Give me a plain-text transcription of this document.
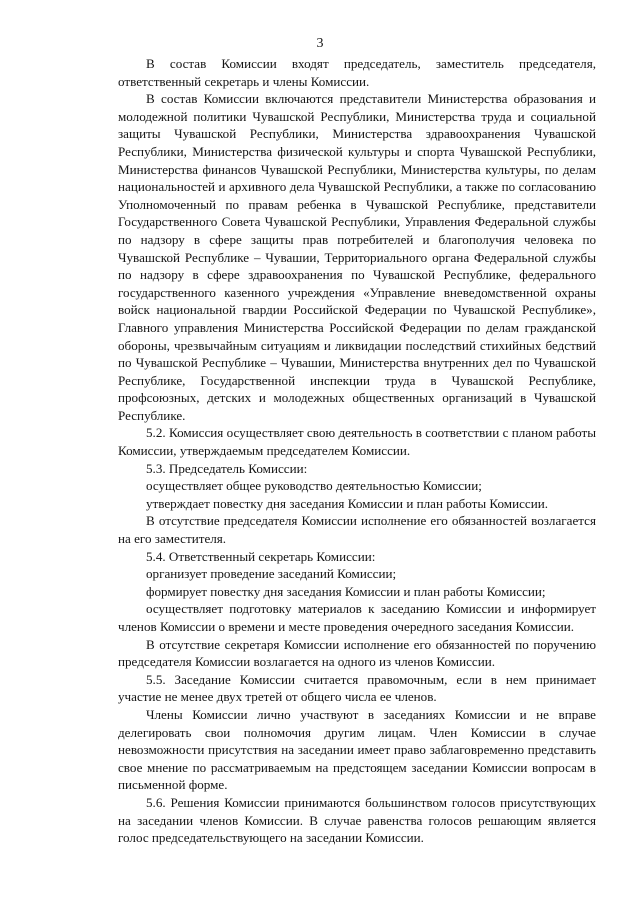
3

В состав Комиссии входят председатель, заместитель председателя, ответственный секретарь и члены Комиссии.

В состав Комиссии включаются представители Министерства образования и молодежной политики Чувашской Республики, Министерства труда и социальной защиты Чувашской Республики, Министерства здравоохранения Чувашской Республики, Министерства физической культуры и спорта Чувашской Республики, Министерства финансов Чувашской Республики, Министерства культуры, по делам национальностей и архивного дела Чувашской Республики, а также по согласованию Уполномоченный по правам ребенка в Чувашской Республике, представители Государственного Совета Чувашской Республики, Управления Федеральной службы по надзору в сфере защиты прав потребителей и благополучия человека по Чувашской Республике – Чувашии, Территориального органа Федеральной службы по надзору в сфере здравоохранения по Чувашской Республике, федерального государственного казенного учреждения «Управление вневедомственной охраны войск национальной гвардии Российской Федерации по Чувашской Республике», Главного управления Министерства Российской Федерации по делам гражданской обороны, чрезвычайным ситуациям и ликвидации последствий стихийных бедствий по Чувашской Республике – Чувашии, Министерства внутренних дел по Чувашской Республике, Государственной инспекции труда в Чувашской Республике, профсоюзных, детских и молодежных общественных организаций в Чувашской Республике.

5.2. Комиссия осуществляет свою деятельность в соответствии с планом работы Комиссии, утверждаемым председателем Комиссии.

5.3. Председатель Комиссии:

осуществляет общее руководство деятельностью Комиссии;

утверждает повестку дня заседания Комиссии и план работы Комиссии.

В отсутствие председателя Комиссии исполнение его обязанностей возлагается на его заместителя.

5.4. Ответственный секретарь Комиссии:

организует проведение заседаний Комиссии;

формирует повестку дня заседания Комиссии и план работы Комиссии;

осуществляет подготовку материалов к заседанию Комиссии и информирует членов Комиссии о времени и месте проведения очередного заседания Комиссии.

В отсутствие секретаря Комиссии исполнение его обязанностей по поручению председателя Комиссии возлагается на одного из членов Комиссии.

5.5. Заседание Комиссии считается правомочным, если в нем принимает участие не менее двух третей от общего числа ее членов.

Члены Комиссии лично участвуют в заседаниях Комиссии и не вправе делегировать свои полномочия другим лицам. Член Комиссии в случае невозможности присутствия на заседании имеет право заблаговременно представить свое мнение по рассматриваемым на предстоящем заседании Комиссии вопросам в письменной форме.

5.6. Решения Комиссии принимаются большинством голосов присутствующих на заседании членов Комиссии. В случае равенства голосов решающим является голос председательствующего на заседании Комиссии.
